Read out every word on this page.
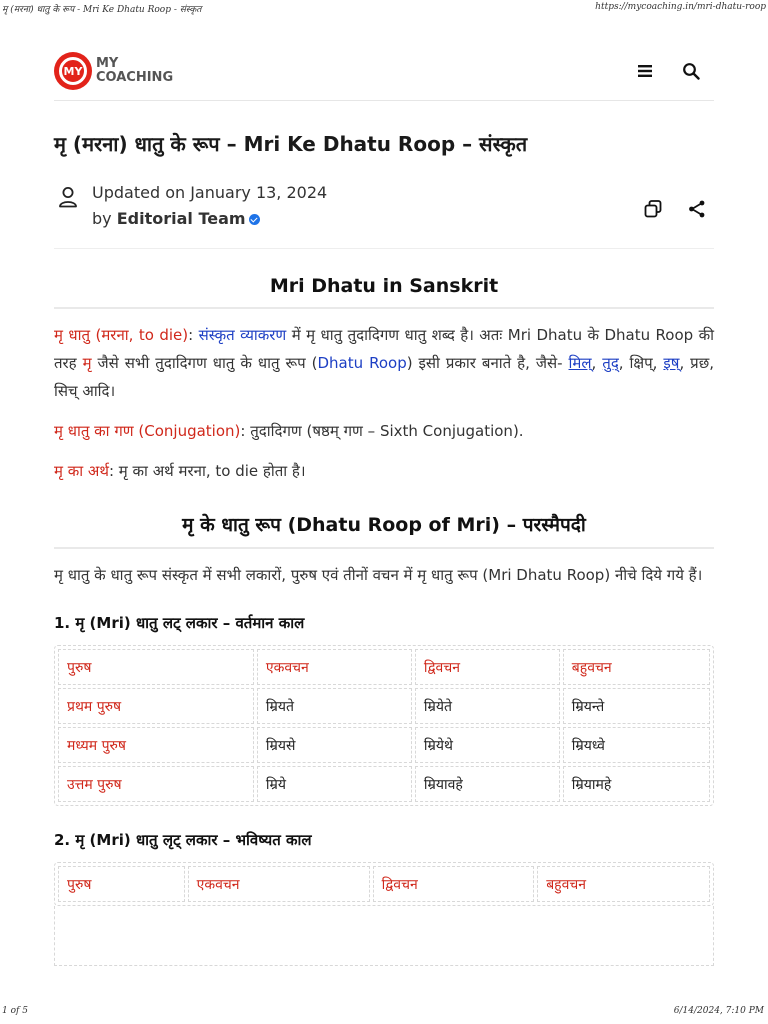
मृ (मरना) धातु के रूप - Mri Ke Dhatu Roop - संस्कृत	https://mycoaching.in/mri-dhatu-roop
MY	MY
COACHING
मृ (मरना) धातु के रूप – Mri Ke Dhatu Roop – संस्कृत
Updated on January 13, 2024
by Editorial Team
Mri Dhatu in Sanskrit

मृ धातु (मरना, to die): संस्कृत व्याकरण में मृ धातु तुदादिगण धातु शब्द है। अतः Mri Dhatu के Dhatu Roop की तरह मृ जैसे सभी तुदादिगण धातु के धातु रूप (Dhatu Roop) इसी प्रकार बनाते है, जैसे- मिल्, तुद्, क्षिप्, इष्, प्रछ, सिच् आदि।

मृ धातु का गण (Conjugation): तुदादिगण (षष्ठम् गण – Sixth Conjugation).

मृ का अर्थ: मृ का अर्थ मरना, to die होता है।

मृ के धातु रूप (Dhatu Roop of Mri) – परस्मैपदी

मृ धातु के धातु रूप संस्कृत में सभी लकारों, पुरुष एवं तीनों वचन में मृ धातु रूप (Mri Dhatu Roop) नीचे दिये गये हैं।

1. मृ (Mri) धातु लट् लकार – वर्तमान काल
पुरुष	एकवचन	द्विवचन	बहुवचन
प्रथम पुरुष	म्रियते	म्रियेते	म्रियन्ते
मध्यम पुरुष	म्रियसे	म्रियेथे	म्रियध्वे
उत्तम पुरुष	म्रिये	म्रियावहे	म्रियामहे
2. मृ (Mri) धातु लृट् लकार – भविष्यत काल
पुरुष	एकवचन	द्विवचन	बहुवचन
1 of 5	6/14/2024, 7:10 PM
